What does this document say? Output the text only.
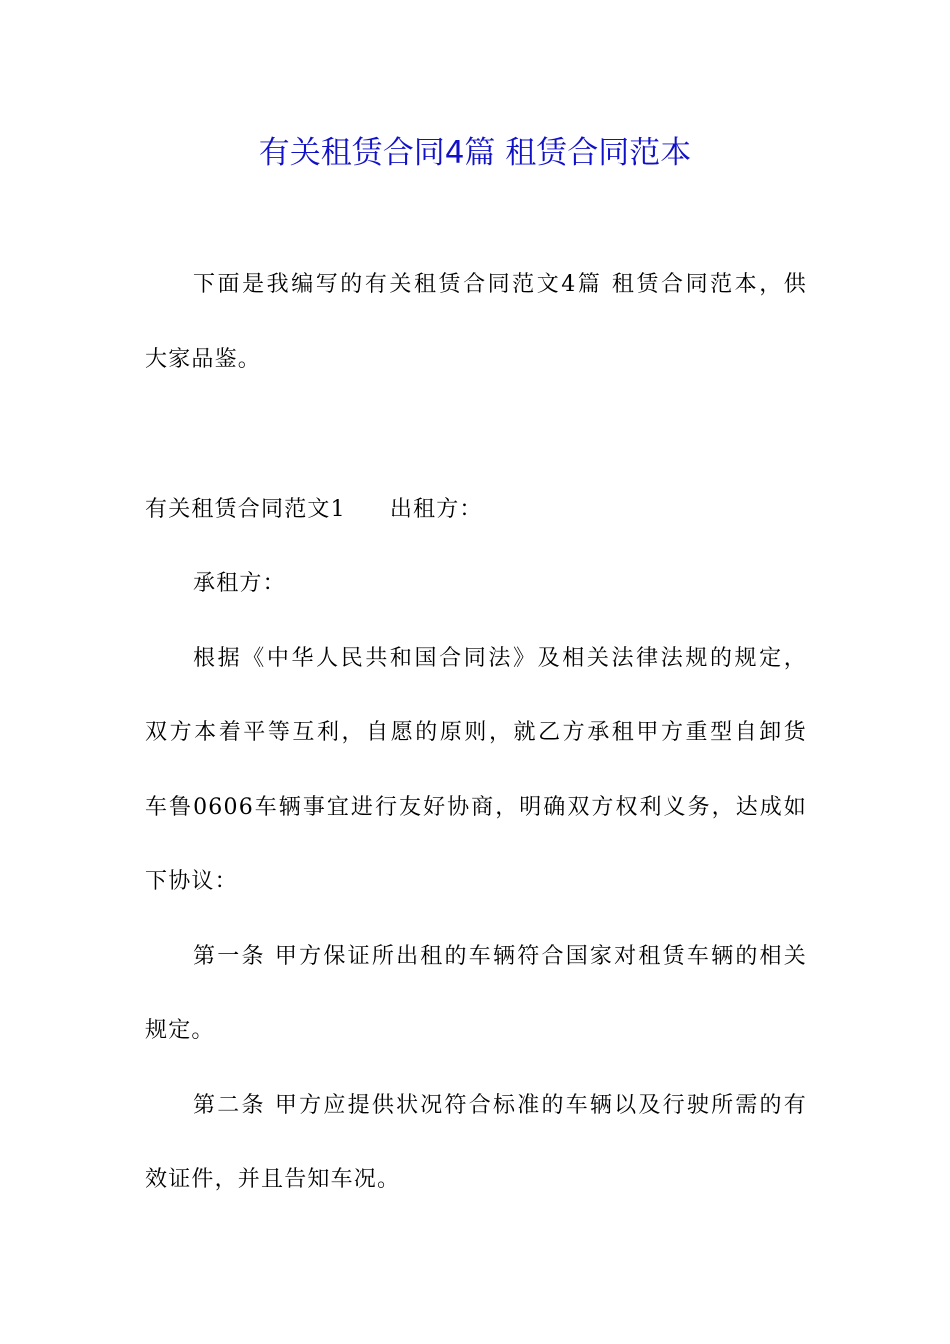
有关租赁合同4篇 租赁合同范本
下面是我编写的有关租赁合同范文4篇 租赁合同范本，供
大家品鉴。
有关租赁合同范文1 出租方：
承租方：
根据《中华人民共和国合同法》及相关法律法规的规定，
双方本着平等互利，自愿的原则，就乙方承租甲方重型自卸货
车鲁0606车辆事宜进行友好协商，明确双方权利义务，达成如
下协议：
第一条 甲方保证所出租的车辆符合国家对租赁车辆的相关
规定。
第二条 甲方应提供状况符合标准的车辆以及行驶所需的有
效证件，并且告知车况。
